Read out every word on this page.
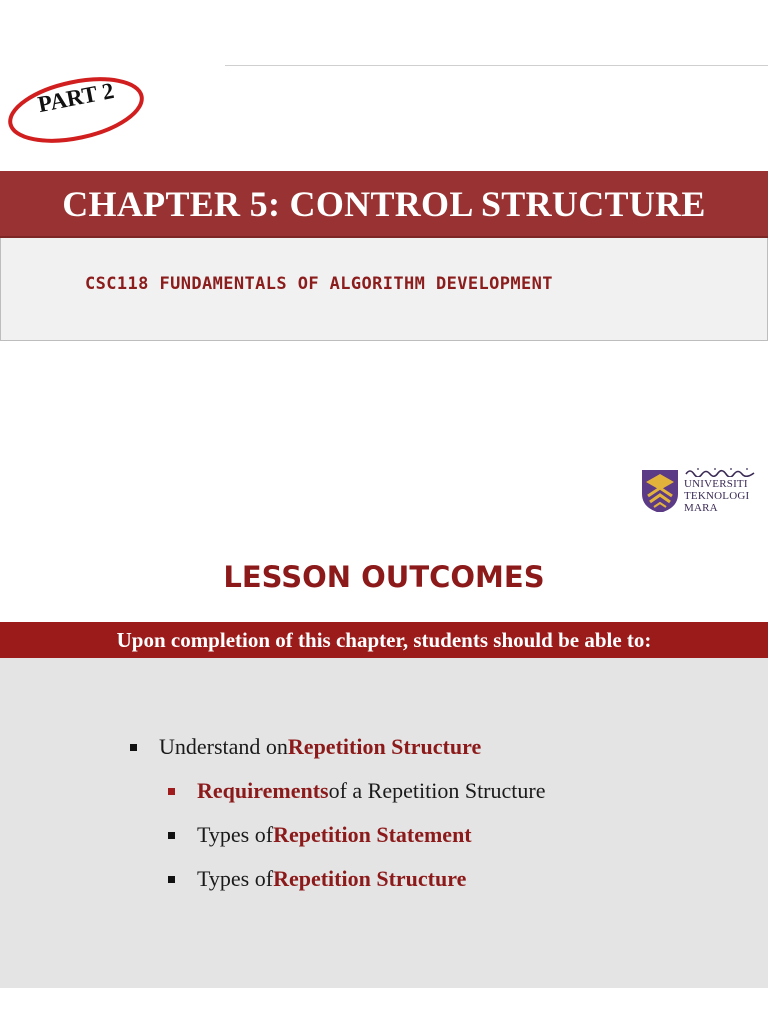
PART 2
CHAPTER 5: CONTROL STRUCTURE
CSC118 FUNDAMENTALS OF ALGORITHM DEVELOPMENT
UNIVERSITI
TEKNOLOGI
MARA
LESSON OUTCOMES
Upon completion of this chapter, students should be able to:
Understand on Repetition Structure
Requirements of a Repetition Structure
Types of Repetition Statement
Types of Repetition Structure
